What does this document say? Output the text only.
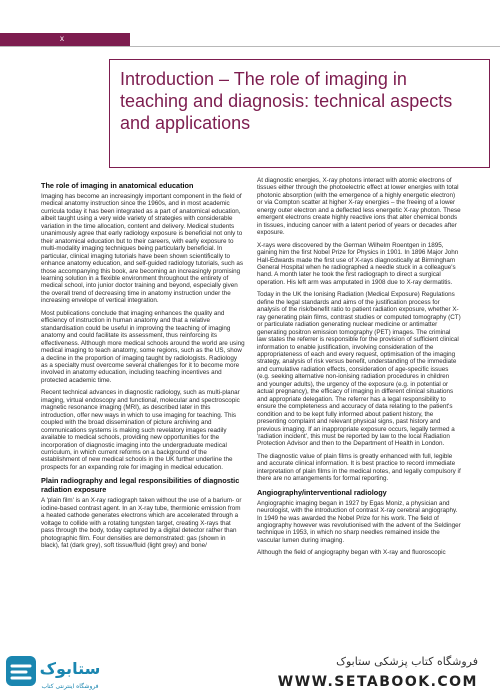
x
Introduction – The role of imaging in teaching and diagnosis: technical aspects and applications
The role of imaging in anatomical education

Imaging has become an increasingly important component in the field of medical anatomy instruction since the 1960s, and in most academic curricula today it has been integrated as a part of anatomical education, albeit taught using a very wide variety of strategies with considerable variation in the time allocation, content and delivery. Medical students unanimously agree that early radiology exposure is beneficial not only to their anatomical education but to their careers, with early exposure to multi-modality imaging techniques being particularly beneficial. In particular, clinical imaging tutorials have been shown scientifically to enhance anatomy education, and self-guided radiology tutorials, such as those accompanying this book, are becoming an increasingly promising learning solution in a flexible environment throughout the entirety of medical school, into junior doctor training and beyond, especially given the overall trend of decreasing time in anatomy instruction under the increasing envelope of vertical integration.

Most publications conclude that imaging enhances the quality and efficiency of instruction in human anatomy and that a relative standardisation could be useful in improving the teaching of imaging anatomy and could facilitate its assessment, thus reinforcing its effectiveness. Although more medical schools around the world are using medical imaging to teach anatomy, some regions, such as the US, show a decline in the proportion of imaging taught by radiologists. Radiology as a specialty must overcome several challenges for it to become more involved in anatomy education, including teaching incentives and protected academic time.

Recent technical advances in diagnostic radiology, such as multi-planar imaging, virtual endoscopy and functional, molecular and spectroscopic magnetic resonance imaging (MRI), as described later in this introduction, offer new ways in which to use imaging for teaching. This coupled with the broad dissemination of picture archiving and communications systems is making such revelatory images readily available to medical schools, providing new opportunities for the incorporation of diagnostic imaging into the undergraduate medical curriculum, in which current reforms on a background of the establishment of new medical schools in the UK further underline the prospects for an expanding role for imaging in medical education.

Plain radiography and legal responsibilities of diagnostic radiation exposure

A 'plain film' is an X-ray radiograph taken without the use of a barium- or iodine-based contrast agent. In an X-ray tube, thermionic emission from a heated cathode generates electrons which are accelerated through a voltage to collide with a rotating tungsten target, creating X-rays that pass through the body, today captured by a digital detector rather than photographic film. Four densities are demonstrated: gas (shown in black), fat (dark grey), soft tissue/fluid (light grey) and bone/

At diagnostic energies, X-ray photons interact with atomic electrons of tissues either through the photoelectric effect at lower energies with total photonic absorption (with the emergence of a highly energetic electron) or via Compton scatter at higher X-ray energies – the freeing of a lower energy outer electron and a deflected less energetic X-ray photon. These emergent electrons create highly reactive ions that alter chemical bonds in tissues, inducing cancer with a latent period of years or decades after exposure.

X-rays were discovered by the German Wilhelm Roentgen in 1895, gaining him the first Nobel Prize for Physics in 1901. In 1896 Major John Hall-Edwards made the first use of X-rays diagnostically at Birmingham General Hospital when he radiographed a needle stuck in a colleague's hand. A month later he took the first radiograph to direct a surgical operation. His left arm was amputated in 1908 due to X-ray dermatitis.

Today in the UK the Ionising Radiation (Medical Exposure) Regulations define the legal standards and aims of the justification process for analysis of the risk/benefit ratio to patient radiation exposure, whether X-ray generating plain films, contrast studies or computed tomography (CT) or particulate radiation generating nuclear medicine or antimatter generating positron emission tomography (PET) images. The criminal law states the referrer is responsible for the provision of sufficient clinical information to enable justification, involving consideration of the appropriateness of each and every request, optimisation of the imaging strategy, analysis of risk versus benefit, understanding of the immediate and cumulative radiation effects, consideration of age-specific issues (e.g. seeking alternative non-ionising radiation procedures in children and younger adults), the urgency of the exposure (e.g. in potential or actual pregnancy), the efficacy of imaging in different clinical situations and appropriate delegation. The referrer has a legal responsibility to ensure the completeness and accuracy of data relating to the patient's condition and to be kept fully informed about patient history, the presenting complaint and relevant physical signs, past history and previous imaging. If an inappropriate exposure occurs, legally termed a 'radiation incident', this must be reported by law to the local Radiation Protection Advisor and then to the Department of Health in London.

The diagnostic value of plain films is greatly enhanced with full, legible and accurate clinical information. It is best practice to record immediate interpretation of plain films in the medical notes, and legally compulsory if there are no arrangements for formal reporting.

Angiography/interventional radiology

Angiographic imaging began in 1927 by Egas Moniz, a physician and neurologist, with the introduction of contrast X-ray cerebral angiography. In 1949 he was awarded the Nobel Prize for his work. The field of angiography however was revolutionised with the advent of the Seldinger technique in 1953, in which no sharp needles remained inside the vascular lumen during imaging.

Although the field of angiography began with X-ray and fluoroscopic

ستابوک
فروشگاه اینترنتی کتاب
فروشگاه کتاب پزشکی ستابوک
WWW.SETABOOK.COM
